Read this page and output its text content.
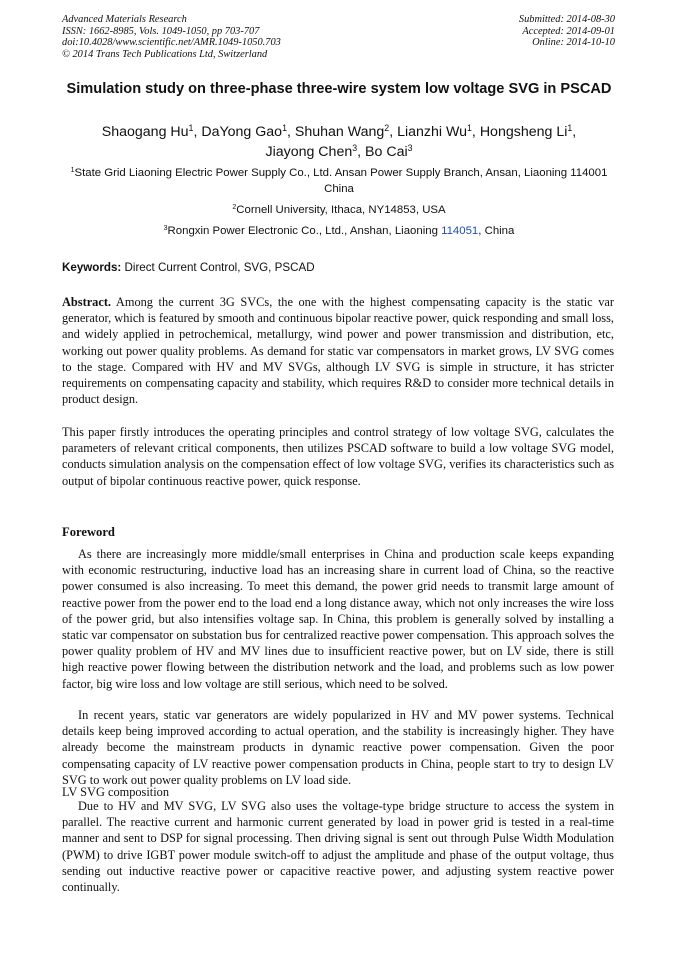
Advanced Materials Research
ISSN: 1662-8985, Vols. 1049-1050, pp 703-707
doi:10.4028/www.scientific.net/AMR.1049-1050.703
© 2014 Trans Tech Publications Ltd, Switzerland
Submitted: 2014-08-30
Accepted: 2014-09-01
Online: 2014-10-10
Simulation study on three-phase three-wire system low voltage SVG in PSCAD
Shaogang Hu$^1$, DaYong Gao$^1$, Shuhan Wang$^2$, Lianzhi Wu$^1$, Hongsheng Li$^1$,
Jiayong Chen$^3$, Bo Cai$^3$
$^1$State Grid Liaoning Electric Power Supply Co., Ltd. Ansan Power Supply Branch, Ansan, Liaoning 114001 China
$^2$Cornell University, Ithaca, NY14853, USA
$^3$Rongxin Power Electronic Co., Ltd., Anshan, Liaoning 114051, China
Keywords: Direct Current Control, SVG, PSCAD
Abstract. Among the current 3G SVCs, the one with the highest compensating capacity is the static var generator, which is featured by smooth and continuous bipolar reactive power, quick responding and small loss, and widely applied in petrochemical, metallurgy, wind power and power transmission and distribution, etc, working out power quality problems. As demand for static var compensators in market grows, LV SVG comes to the stage. Compared with HV and MV SVGs, although LV SVG is simple in structure, it has stricter requirements on compensating capacity and stability, which requires R&D to consider more technical details in product design.
This paper firstly introduces the operating principles and control strategy of low voltage SVG, calculates the parameters of relevant critical components, then utilizes PSCAD software to build a low voltage SVG model, conducts simulation analysis on the compensation effect of low voltage SVG, verifies its characteristics such as output of bipolar continuous reactive power, quick response.
Foreword
As there are increasingly more middle/small enterprises in China and production scale keeps expanding with economic restructuring, inductive load has an increasing share in current load of China, so the reactive power consumed is also increasing. To meet this demand, the power grid needs to transmit large amount of reactive power from the power end to the load end a long distance away, which not only increases the wire loss of the power grid, but also intensifies voltage sap. In China, this problem is generally solved by installing a static var compensator on substation bus for centralized reactive power compensation. This approach solves the power quality problem of HV and MV lines due to insufficient reactive power, but on LV side, there is still high reactive power flowing between the distribution network and the load, and problems such as low power factor, big wire loss and low voltage are still serious, which need to be solved.
In recent years, static var generators are widely popularized in HV and MV power systems. Technical details keep being improved according to actual operation, and the stability is increasingly higher. They have already become the mainstream products in dynamic reactive power compensation. Given the poor compensating capacity of LV reactive power compensation products in China, people start to try to design LV SVG to work out power quality problems on LV load side.
LV SVG composition
Due to HV and MV SVG, LV SVG also uses the voltage-type bridge structure to access the system in parallel. The reactive current and harmonic current generated by load in power grid is tested in a real-time manner and sent to DSP for signal processing. Then driving signal is sent out through Pulse Width Modulation (PWM) to drive IGBT power module switch-off to adjust the amplitude and phase of the output voltage, thus sending out inductive reactive power or capacitive reactive power, and adjusting system reactive power continually.
